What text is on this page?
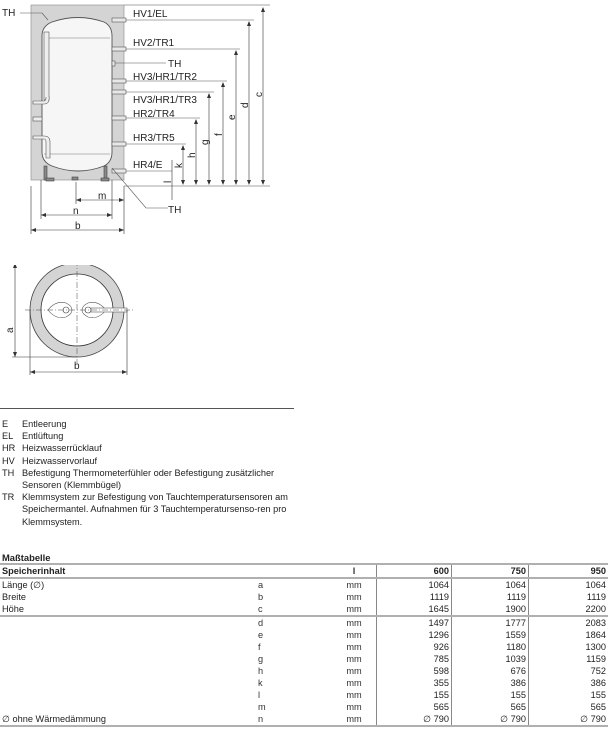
TH	HV1/EL
HV2/TR1
TH
HV3/HR1/TR2
HV3/HR1/TR3
HR2/TR4
HR3/TR5
HR4/E
TH
m
n
b
c
d
e
f
g
h
k
l
a
b
E	Entleerung
EL Entlüftung
HR Heizwasserrücklauf
HV Heizwasservorlauf
TH Befestigung Thermometerfühler oder Befestigung zusätzlicher Sensoren (Klemmbügel)
TR Klemmsystem zur Befestigung von Tauchtemperatursensoren am Speichermantel. Aufnahmen für 3 Tauchtemperatursenso-ren pro Klemmsystem.
Maßtabelle
Speicherinhalt		l	600	750	950
Länge (∅)	a	mm	1064	1064	1064
Breite	b	mm	1119	1119	1119
Höhe	c	mm	1645	1900	2200
	d	mm	1497	1777	2083
	e	mm	1296	1559	1864
	f	mm	926	1180	1300
	g	mm	785	1039	1159
	h	mm	598	676	752
	k	mm	355	386	386
	l	mm	155	155	155
	m	mm	565	565	565
∅ ohne Wärmedämmung	n	mm	∅ 790	∅ 790	∅ 790
